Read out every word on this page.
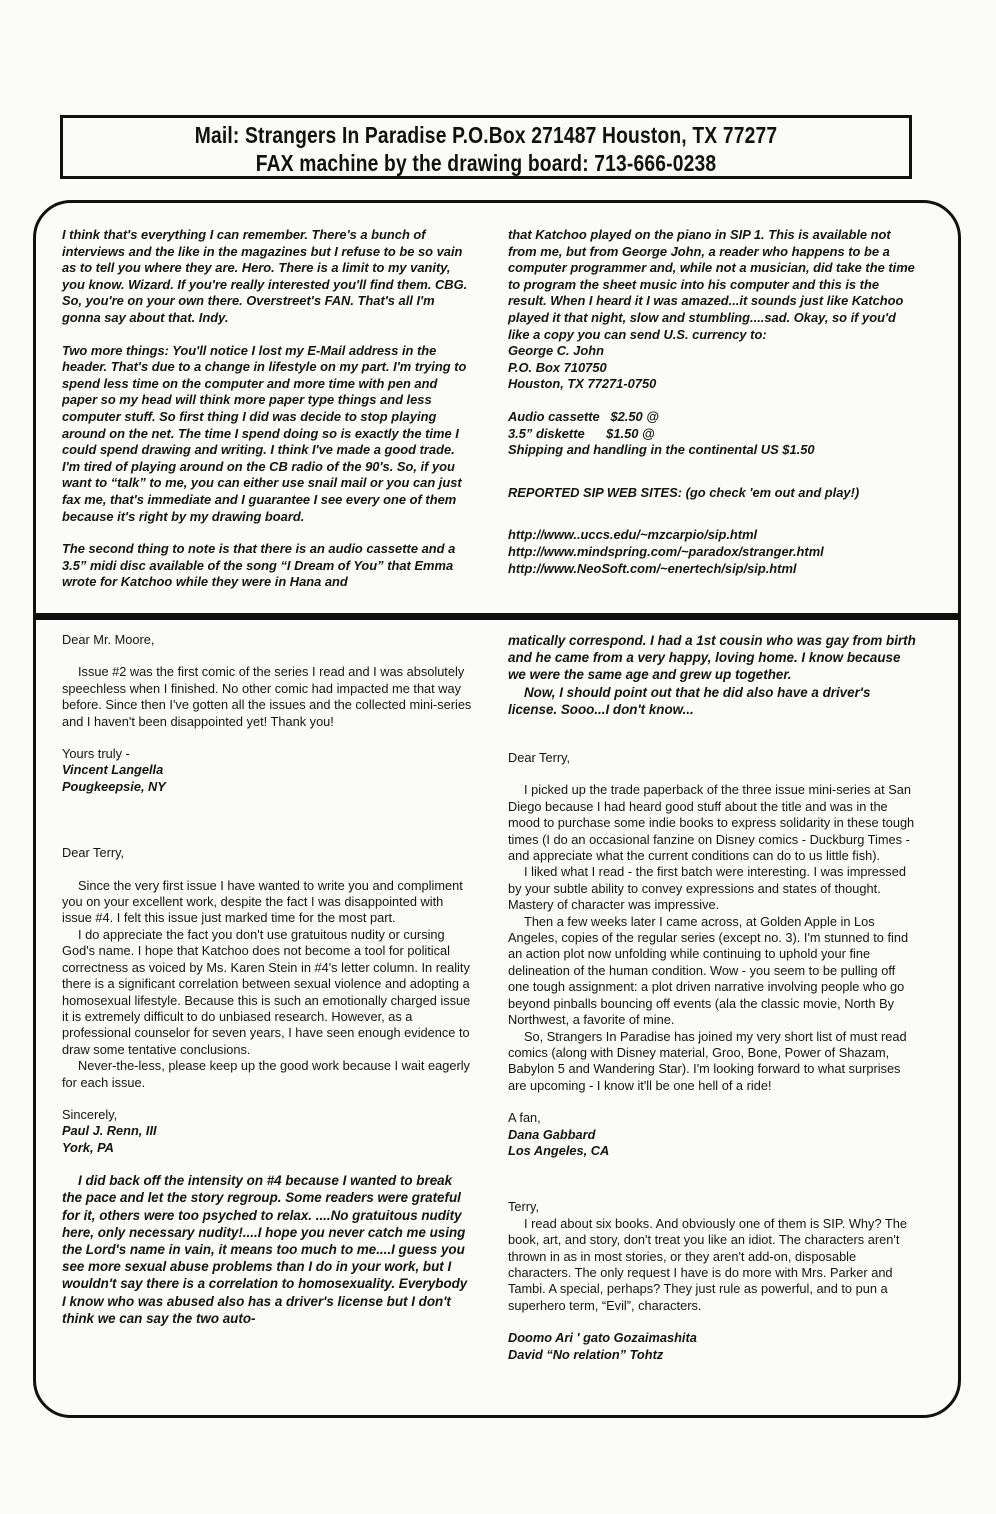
Mail: Strangers In Paradise P.O.Box 271487 Houston, TX 77277
FAX machine by the drawing board: 713-666-0238

I think that's everything I can remember. There's a bunch of interviews and the like in the magazines but I refuse to be so vain as to tell you where they are. Hero. There is a limit to my vanity, you know. Wizard. If you're really interested you'll find them. CBG. So, you're on your own there. Overstreet's FAN. That's all I'm gonna say about that. Indy.

Two more things: You'll notice I lost my E-Mail address in the header. That's due to a change in lifestyle on my part. I'm trying to spend less time on the computer and more time with pen and paper so my head will think more paper type things and less computer stuff. So first thing I did was decide to stop playing around on the net. The time I spend doing so is exactly the time I could spend drawing and writing. I think I've made a good trade. I'm tired of playing around on the CB radio of the 90's. So, if you want to “talk” to me, you can either use snail mail or you can just fax me, that's immediate and I guarantee I see every one of them because it's right by my drawing board.

The second thing to note is that there is an audio cassette and a 3.5” midi disc available of the song “I Dream of You” that Emma wrote for Katchoo while they were in Hana and

that Katchoo played on the piano in SIP 1. This is available not from me, but from George John, a reader who happens to be a computer programmer and, while not a musician, did take the time to program the sheet music into his computer and this is the result. When I heard it I was amazed...it sounds just like Katchoo played it that night, slow and stumbling....sad. Okay, so if you'd like a copy you can send U.S. currency to:

George C. John

P.O. Box 710750

Houston, TX 77271-0750

Audio cassette   $2.50 @

3.5” diskette      $1.50 @

Shipping and handling in the continental US $1.50

REPORTED SIP WEB SITES: (go check 'em out and play!)

http://www..uccs.edu/~mzcarpio/sip.html

http://www.mindspring.com/~paradox/stranger.html

http://www.NeoSoft.com/~enertech/sip/sip.html

Dear Mr. Moore,

Issue #2 was the first comic of the series I read and I was absolutely speechless when I finished. No other comic had impacted me that way before. Since then I've gotten all the issues and the collected mini-series and I haven't been disappointed yet! Thank you!

Yours truly -

Vincent Langella

Pougkeepsie, NY

Dear Terry,

Since the very first issue I have wanted to write you and compliment you on your excellent work, despite the fact I was disappointed with issue #4. I felt this issue just marked time for the most part.

I do appreciate the fact you don't use gratuitous nudity or cursing God's name. I hope that Katchoo does not become a tool for political correctness as voiced by Ms. Karen Stein in #4's letter column. In reality there is a significant correlation between sexual violence and adopting a homosexual lifestyle. Because this is such an emotionally charged issue it is extremely difficult to do unbiased research. However, as a professional counselor for seven years, I have seen enough evidence to draw some tentative conclusions.

Never-the-less, please keep up the good work because I wait eagerly for each issue.

Sincerely,

Paul J. Renn, III

York, PA

I did back off the intensity on #4 because I wanted to break the pace and let the story regroup. Some readers were grateful for it, others were too psyched to relax. ....No gratuitous nudity here, only necessary nudity!....I hope you never catch me using the Lord's name in vain, it means too much to me....I guess you see more sexual abuse problems than I do in your work, but I wouldn't say there is a correlation to homosexuality. Everybody I know who was abused also has a driver's license but I don't think we can say the two auto-

matically correspond. I had a 1st cousin who was gay from birth and he came from a very happy, loving home. I know because we were the same age and grew up together.

Now, I should point out that he did also have a driver's license. Sooo...I don't know...

Dear Terry,

I picked up the trade paperback of the three issue mini-series at San Diego because I had heard good stuff about the title and was in the mood to purchase some indie books to express solidarity in these tough times (I do an occasional fanzine on Disney comics - Duckburg Times - and appreciate what the current conditions can do to us little fish).

I liked what I read - the first batch were interesting. I was impressed by your subtle ability to convey expressions and states of thought. Mastery of character was impressive.

Then a few weeks later I came across, at Golden Apple in Los Angeles, copies of the regular series (except no. 3). I'm stunned to find an action plot now unfolding while continuing to uphold your fine delineation of the human condition. Wow - you seem to be pulling off one tough assignment: a plot driven narrative involving people who go beyond pinballs bouncing off events (ala the classic movie, North By Northwest, a favorite of mine.

So, Strangers In Paradise has joined my very short list of must read comics (along with Disney material, Groo, Bone, Power of Shazam, Babylon 5 and Wandering Star). I'm looking forward to what surprises are upcoming - I know it'll be one hell of a ride!

A fan,

Dana Gabbard

Los Angeles, CA

Terry,

I read about six books. And obviously one of them is SIP. Why? The book, art, and story, don't treat you like an idiot. The characters aren't thrown in as in most stories, or they aren't add-on, disposable characters. The only request I have is do more with Mrs. Parker and Tambi. A special, perhaps? They just rule as powerful, and to pun a superhero term, “Evil”, characters.

Doomo Ari ' gato Gozaimashita

David “No relation” Tohtz
